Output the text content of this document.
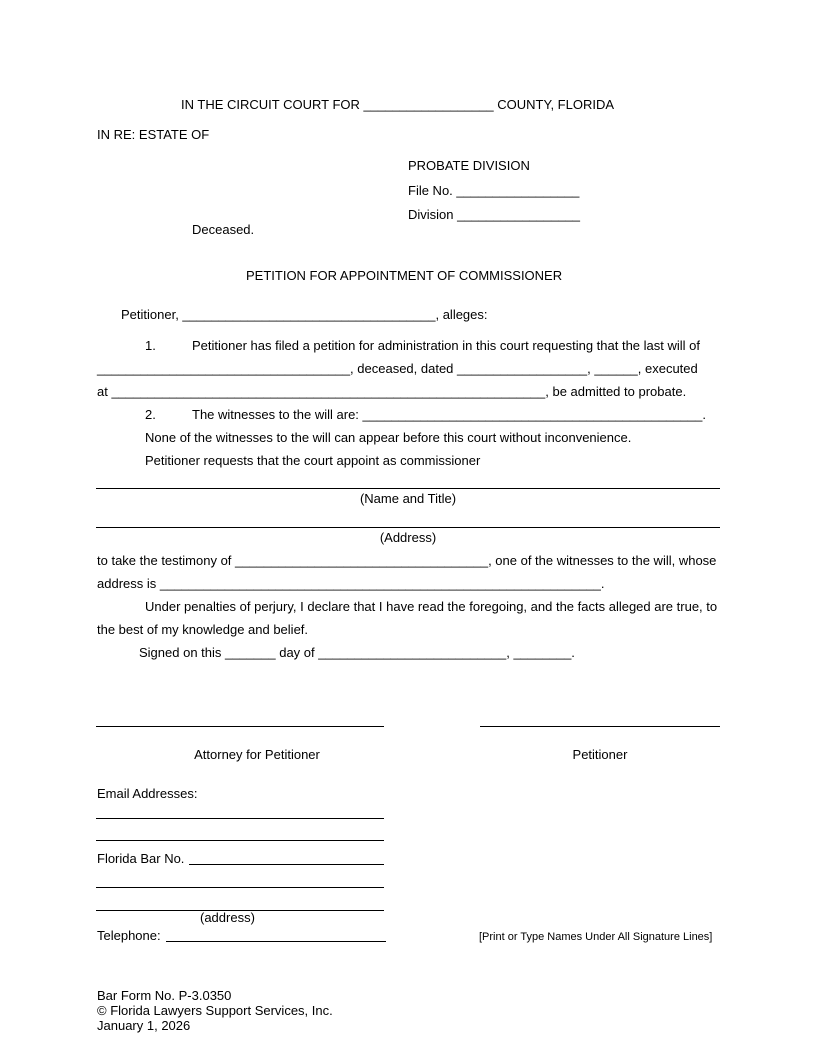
IN THE CIRCUIT COURT FOR __________________ COUNTY, FLORIDA
IN RE: ESTATE OF
PROBATE DIVISION
File No. _________________
Division _________________
Deceased.
PETITION FOR APPOINTMENT OF COMMISSIONER
Petitioner, ___________________________________, alleges:
1.	Petitioner has filed a petition for administration in this court requesting that the last will of
___________________________________, deceased, dated __________________, ______, executed
at ____________________________________________________________, be admitted to probate.
2.	The witnesses to the will are: _______________________________________________.
None of the witnesses to the will can appear before this court without inconvenience.
Petitioner requests that the court appoint as commissioner
(Name and Title)
(Address)
to take the testimony of ___________________________________, one of the witnesses to the will, whose
address is _____________________________________________________________.
Under penalties of perjury, I declare that I have read the foregoing, and the facts alleged are true, to
the best of my knowledge and belief.
Signed on this _______ day of __________________________, ________.
Attorney for Petitioner	Petitioner
Email Addresses:
Florida Bar No.
(address)
Telephone:	[Print or Type Names Under All Signature Lines]
Bar Form No. P-3.0350
© Florida Lawyers Support Services, Inc.
January 1, 2026
